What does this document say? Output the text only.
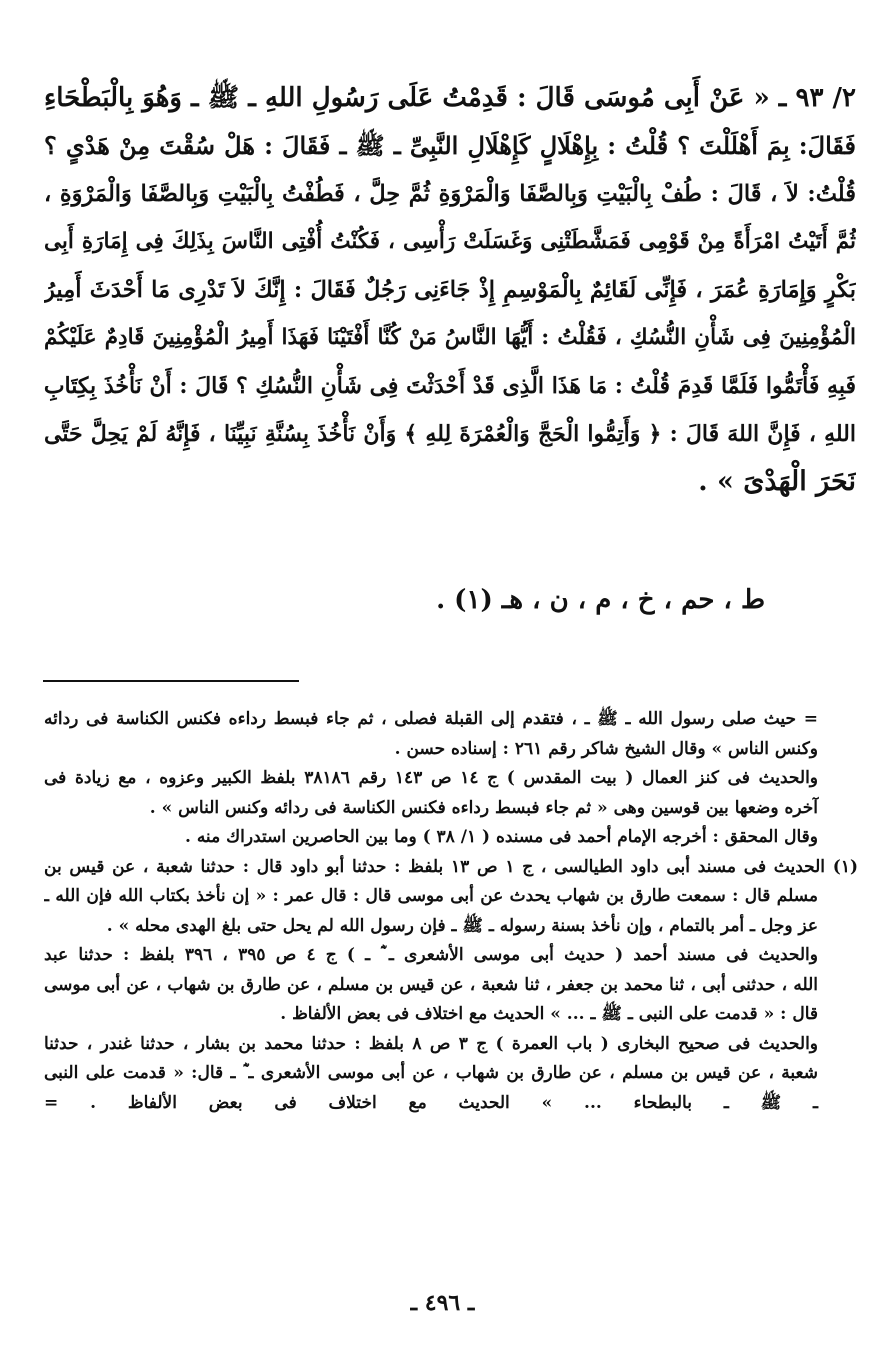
٢/ ٩٣ ـ « عَنْ أَبِى مُوسَى قَالَ : قَدِمْتُ عَلَى رَسُولِ اللهِ ـ ﷺ ـ وَهُوَ بِالْبَطْحَاءِ
فَقَالَ: بِمَ أَهْلَلْتَ ؟ قُلْتُ : بِإِهْلَالٍ كَإِهْلَالِ النَّبِىِّ ـ ﷺ ـ فَقَالَ : هَلْ سُقْتَ مِنْ هَدْىٍ ؟
قُلْتُ: لاَ ، قَالَ : طُفْ بِالْبَيْتِ وَبِالصَّفَا وَالْمَرْوَةِ ثُمَّ حِلَّ ، فَطُفْتُ بِالْبَيْتِ وَبِالصَّفَا وَالْمَرْوَةِ ،
ثُمَّ أَتَيْتُ امْرَأَةً مِنْ قَوْمِى فَمَشَّطَتْنِى وَغَسَلَتْ رَأْسِى ، فَكُنْتُ أُفْتِى النَّاسَ بِذَلِكَ فِى إِمَارَةِ أَبِى
بَكْرٍ وَإِمَارَةِ عُمَرَ ، فَإِنِّى لَقَائِمٌ بِالْمَوْسِمِ إِذْ جَاءَنِى رَجُلٌ فَقَالَ : إِنَّكَ لاَ تَدْرِى مَا أَحْدَثَ أَمِيرُ
الْمُؤْمِنِينَ فِى شَأْنِ النُّسُكِ ، فَقُلْتُ : أَيُّهَا النَّاسُ مَنْ كُنَّا أَفْتَيْنَا فَهَذَا أَمِيرُ الْمُؤْمِنِينَ قَادِمٌ عَلَيْكُمْ
فَبِهِ فَأْتَمُّوا فَلَمَّا قَدِمَ قُلْتُ : مَا هَذَا الَّذِى قَدْ أَحْدَثْتَ فِى شَأْنِ النُّسُكِ ؟ قَالَ : أَنْ نَأْخُذَ بِكِتَابِ
اللهِ ، فَإِنَّ اللهَ قَالَ : ﴿ وَأَتِمُّوا الْحَجَّ وَالْعُمْرَةَ لِلهِ ﴾ وَأَنْ نَأْخُذَ بِسُنَّةِ نَبِيِّنَا ، فَإِنَّهُ لَمْ يَحِلَّ حَتَّى
نَحَرَ الْهَدْىَ » .
ط ، حم ، خ ، م ، ن ، هـ (١) .
= حيث صلى رسول الله ـ ﷺ ـ ، فتقدم إلى القبلة فصلى ، ثم جاء فبسط رداءه فكنس الكناسة فى ردائه
وكنس الناس » وقال الشيخ شاكر رقم ٢٦١ : إسناده حسن .
والحديث فى كنز العمال ( بيت المقدس ) ج ١٤ ص ١٤٣ رقم ٣٨١٨٦ بلفظ الكبير وعزوه ، مع زيادة فى
آخره وضعها بين قوسين وهى « ثم جاء فبسط رداءه فكنس الكناسة فى ردائه وكنس الناس » .
وقال المحقق : أخرجه الإمام أحمد فى مسنده ( ١/ ٣٨ ) وما بين الحاصرين استدراك منه .
(١) الحديث فى مسند أبى داود الطيالسى ، ج ١ ص ١٣ بلفظ : حدثنا أبو داود قال : حدثنا شعبة ، عن قيس بن
مسلم قال : سمعت طارق بن شهاب يحدث عن أبى موسى قال : قال عمر : « إن نأخذ بكتاب الله فإن الله ـ
عز وجل ـ أمر بالتمام ، وإن نأخذ بسنة رسوله ـ ﷺ ـ فإن رسول الله لم يحل حتى بلغ الهدى محله » .
والحديث فى مسند أحمد ( حديث أبى موسى الأشعرى ـ ؓ ـ ) ج ٤ ص ٣٩٥ ، ٣٩٦ بلفظ : حدثنا عبد
الله ، حدثنى أبى ، ثنا محمد بن جعفر ، ثنا شعبة ، عن قيس بن مسلم ، عن طارق بن شهاب ، عن أبى موسى
قال : « قدمت على النبى ـ ﷺ ـ ... » الحديث مع اختلاف فى بعض الألفاظ .
والحديث فى صحيح البخارى ( باب العمرة ) ج ٣ ص ٨ بلفظ : حدثنا محمد بن بشار ، حدثنا غندر ، حدثنا
شعبة ، عن قيس بن مسلم ، عن طارق بن شهاب ، عن أبى موسى الأشعرى ـ ؓ ـ قال: « قدمت على النبى
ـ ﷺ ـ بالبطحاء ... » الحديث مع اختلاف فى بعض الألفاظ . =
ـ ٤٩٦ ـ
